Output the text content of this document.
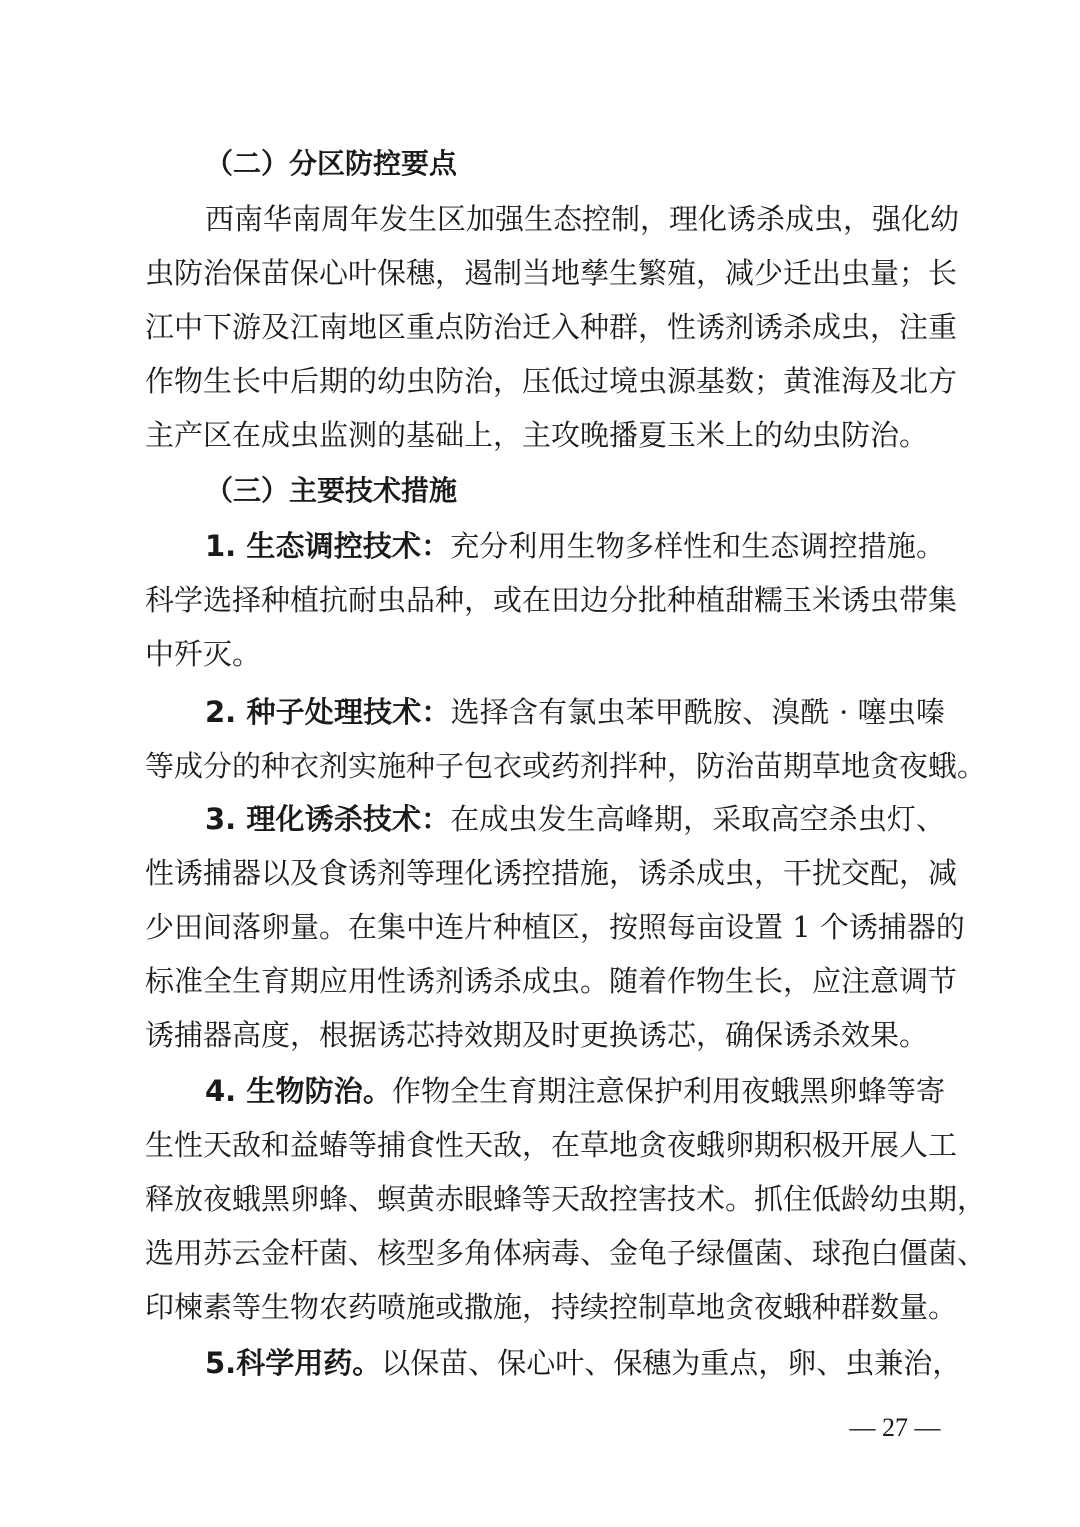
（二）分区防控要点
西南华南周年发生区加强生态控制，理化诱杀成虫，强化幼
虫防治保苗保心叶保穗，遏制当地孳生繁殖，减少迁出虫量；长
江中下游及江南地区重点防治迁入种群，性诱剂诱杀成虫，注重
作物生长中后期的幼虫防治，压低过境虫源基数；黄淮海及北方
主产区在成虫监测的基础上，主攻晚播夏玉米上的幼虫防治。
（三）主要技术措施
1. 生态调控技术：充分利用生物多样性和生态调控措施。
科学选择种植抗耐虫品种，或在田边分批种植甜糯玉米诱虫带集
中歼灭。
2. 种子处理技术：选择含有氯虫苯甲酰胺、溴酰 · 噻虫嗪
等成分的种衣剂实施种子包衣或药剂拌种，防治苗期草地贪夜蛾。
3. 理化诱杀技术：在成虫发生高峰期，采取高空杀虫灯、
性诱捕器以及食诱剂等理化诱控措施，诱杀成虫，干扰交配，减
少田间落卵量。在集中连片种植区，按照每亩设置 1 个诱捕器的
标准全生育期应用性诱剂诱杀成虫。随着作物生长，应注意调节
诱捕器高度，根据诱芯持效期及时更换诱芯，确保诱杀效果。
4. 生物防治。作物全生育期注意保护利用夜蛾黑卵蜂等寄
生性天敌和益蝽等捕食性天敌，在草地贪夜蛾卵期积极开展人工
释放夜蛾黑卵蜂、螟黄赤眼蜂等天敌控害技术。抓住低龄幼虫期，
选用苏云金杆菌、核型多角体病毒、金龟子绿僵菌、球孢白僵菌、
印楝素等生物农药喷施或撒施，持续控制草地贪夜蛾种群数量。
5.科学用药。以保苗、保心叶、保穗为重点，卵、虫兼治，
— 27 —
